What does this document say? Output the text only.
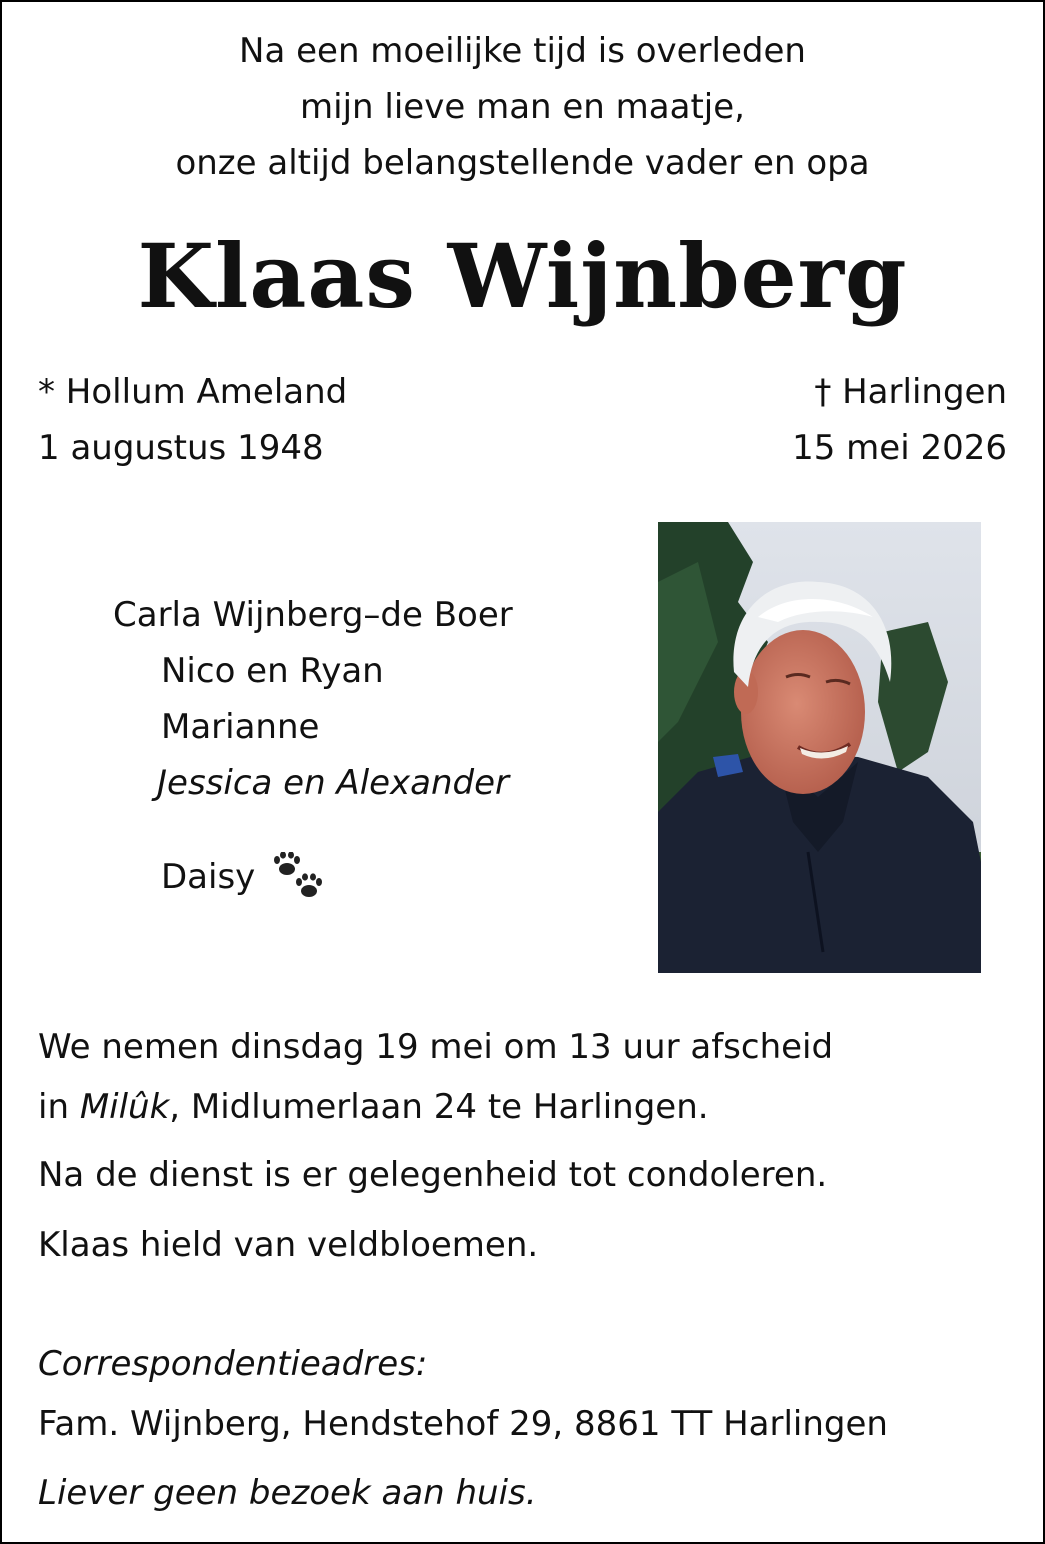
Na een moeilijke tijd is overleden

mijn lieve man en maatje,

onze altijd belangstellende vader en opa

Klaas Wijnberg

* Hollum Ameland

1 augustus 1948

† Harlingen

15 mei 2026

Carla Wijnberg–de Boer

Nico en Ryan

Marianne

Jessica en Alexander

Daisy

We nemen dinsdag 19 mei om 13 uur afscheid

in Milûk, Midlumerlaan 24 te Harlingen.

Na de dienst is er gelegenheid tot condoleren.

Klaas hield van veldbloemen.

Correspondentieadres:

Fam. Wijnberg, Hendstehof 29, 8861 TT Harlingen

Liever geen bezoek aan huis.
